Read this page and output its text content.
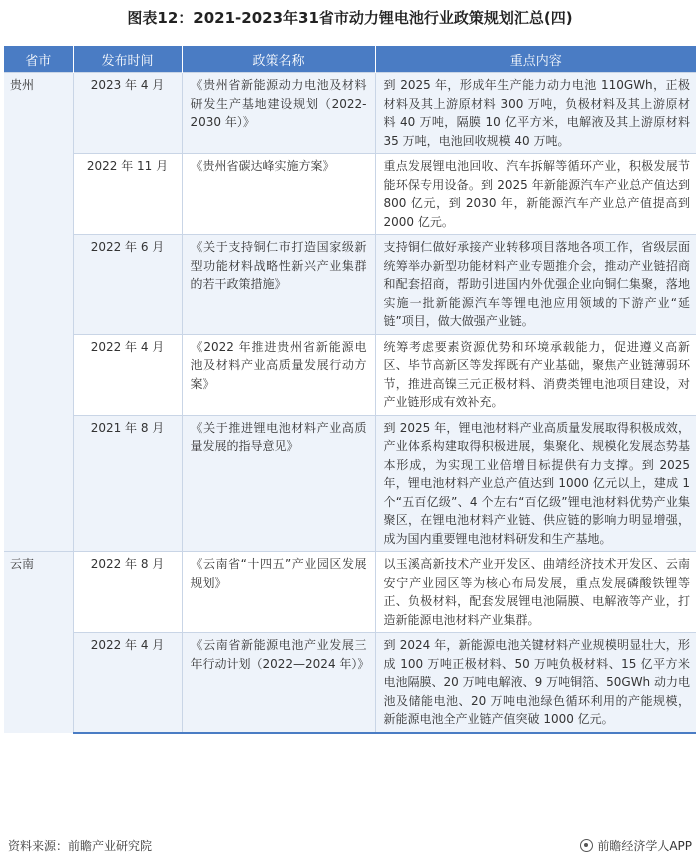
图表12：2021-2023年31省市动力锂电池行业政策规划汇总(四)
省市	发布时间	政策名称	重点内容
贵州	2023 年 4 月	《贵州省新能源动力电池及材料研发生产基地建设规划（2022-2030 年）》	到 2025 年，形成年生产能力动力电池 110GWh，正极材料及其上游原材料 300 万吨，负极材料及其上游原材料 40 万吨，隔膜 10 亿平方米，电解液及其上游原材料 35 万吨，电池回收规模 40 万吨。
	2022 年 11 月	《贵州省碳达峰实施方案》	重点发展锂电池回收、汽车拆解等循环产业，积极发展节能环保专用设备。到 2025 年新能源汽车产业总产值达到 800 亿元，到 2030 年，新能源汽车产业总产值提高到 2000 亿元。
	2022 年 6 月	《关于支持铜仁市打造国家级新型功能材料战略性新兴产业集群的若干政策措施》	支持铜仁做好承接产业转移项目落地各项工作，省级层面统筹举办新型功能材料产业专题推介会，推动产业链招商和配套招商，帮助引进国内外优强企业向铜仁集聚，落地实施一批新能源汽车等锂电池应用领域的下游产业“延链”项目，做大做强产业链。
	2022 年 4 月	《2022 年推进贵州省新能源电池及材料产业高质量发展行动方案》	统筹考虑要素资源优势和环境承载能力，促进遵义高新区、毕节高新区等发挥既有产业基础，聚焦产业链薄弱环节，推进高镍三元正极材料、消费类锂电池项目建设，对产业链形成有效补充。
	2021 年 8 月	《关于推进锂电池材料产业高质量发展的指导意见》	到 2025 年，锂电池材料产业高质量发展取得积极成效，产业体系构建取得积极进展，集聚化、规模化发展态势基本形成，为实现工业倍增目标提供有力支撑。到 2025 年，锂电池材料产业总产值达到 1000 亿元以上，建成 1 个“五百亿级”、4 个左右“百亿级”锂电池材料优势产业集聚区，在锂电池材料产业链、供应链的影响力明显增强，成为国内重要锂电池材料研发和生产基地。
云南	2022 年 8 月	《云南省“十四五”产业园区发展规划》	以玉溪高新技术产业开发区、曲靖经济技术开发区、云南安宁产业园区等为核心布局发展，重点发展磷酸铁锂等正、负极材料，配套发展锂电池隔膜、电解液等产业，打造新能源电池材料产业集群。
	2022 年 4 月	《云南省新能源电池产业发展三年行动计划（2022—2024 年）》	到 2024 年，新能源电池关键材料产业规模明显壮大，形成 100 万吨正极材料、50 万吨负极材料、15 亿平方米电池隔膜、20 万吨电解液、9 万吨铜箔、50GWh 动力电池及储能电池、20 万吨电池绿色循环利用的产能规模，新能源电池全产业链产值突破 1000 亿元。
资料来源：前瞻产业研究院	前瞻经济学人APP
